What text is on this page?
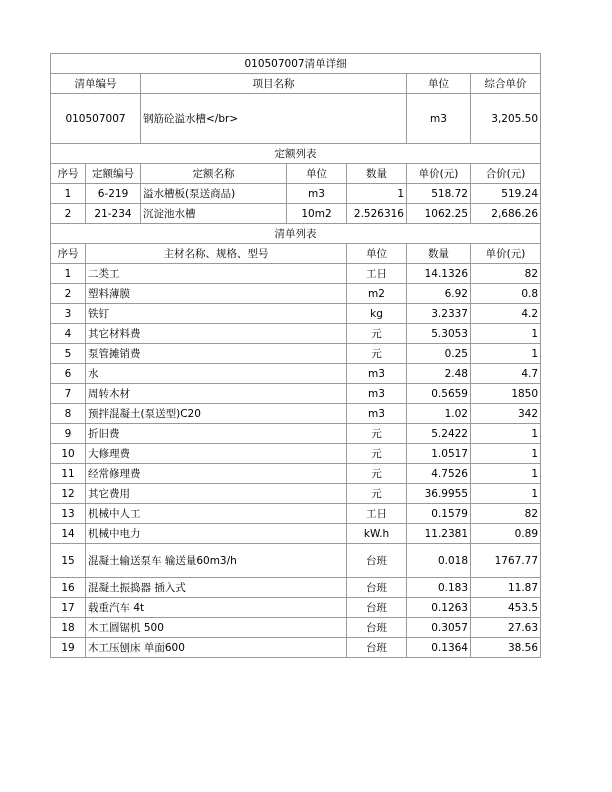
010507007清单详细							
清单编号		项目名称			单位	综合单价	
010507007		钢筋砼溢水槽</br>			m3	3,205.50	
定额列表							
序号	定额编号	定额名称	单位	数量	单价(元)	合价(元)	
1	6-219	溢水槽板(泵送商品)	m3	1	518.72	519.24	
2	21-234	沉淀池水槽	10m2	2.526316	1062.25	2,686.26	
清单列表							
序号	主材名称、规格、型号			单位	数量	单价(元)	
1	二类工			工日	14.1326	82	
2	塑料薄膜			m2	6.92	0.8	
3	铁钉			kg	3.2337	4.2	
4	其它材料费			元	5.3053	1	
5	泵管摊销费			元	0.25	1	
6	水			m3	2.48	4.7	
7	周转木材			m3	0.5659	1850	
8	预拌混凝土(泵送型)C20			m3	1.02	342	
9	折旧费			元	5.2422	1	
10	大修理费			元	1.0517	1	
11	经常修理费			元	4.7526	1	
12	其它费用			元	36.9955	1	
13	机械中人工			工日	0.1579	82	
14	机械中电力			kW.h	11.2381	0.89	
15	混凝土输送泵车 输送量60m3/h			台班	0.018	1767.77	
16	混凝土振捣器 插入式			台班	0.183	11.87	
17	载重汽车 4t			台班	0.1263	453.5	
18	木工圆锯机 500			台班	0.3057	27.63	
19	木工压刨床 单面600			台班	0.1364	38.56	
